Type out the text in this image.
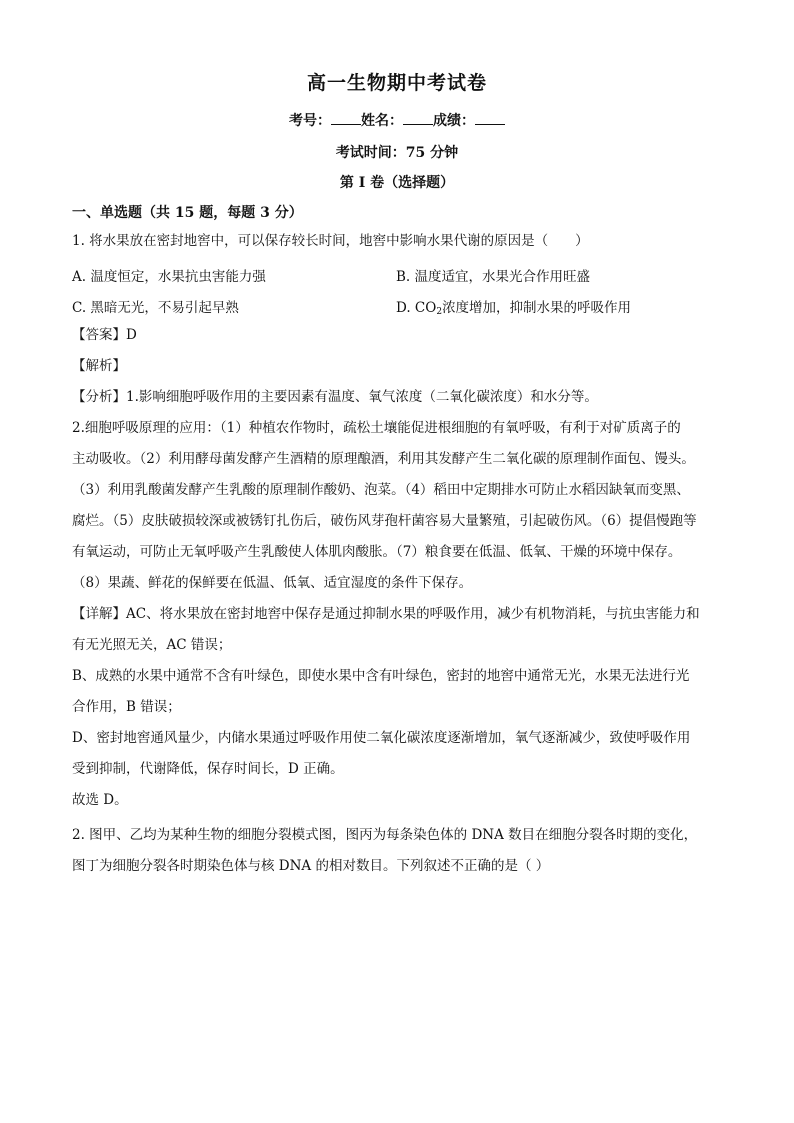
高一生物期中考试卷
考号： 姓名： 成绩：
考试时间：75 分钟
第 I 卷（选择题）
一、单选题（共 15 题，每题 3 分）
1. 将水果放在密封地窖中，可以保存较长时间，地窖中影响水果代谢的原因是（　　）
A. 温度恒定，水果抗虫害能力强	B. 温度适宜，水果光合作用旺盛
C. 黑暗无光，不易引起早熟	D. $CO_2$浓度增加，抑制水果的呼吸作用
【答案】D
【解析】
【分析】1.影响细胞呼吸作用的主要因素有温度、氧气浓度（二氧化碳浓度）和水分等。
2.细胞呼吸原理的应用：（1）种植农作物时，疏松土壤能促进根细胞的有氧呼吸，有利于对矿质离子的
主动吸收。（2）利用酵母菌发酵产生酒精的原理酿酒，利用其发酵产生二氧化碳的原理制作面包、馒头。
（3）利用乳酸菌发酵产生乳酸的原理制作酸奶、泡菜。（4）稻田中定期排水可防止水稻因缺氧而变黑、
腐烂。（5）皮肤破损较深或被锈钉扎伤后，破伤风芽孢杆菌容易大量繁殖，引起破伤风。（6）提倡慢跑等
有氧运动，可防止无氧呼吸产生乳酸使人体肌肉酸胀。（7）粮食要在低温、低氧、干燥的环境中保存。
（8）果蔬、鲜花的保鲜要在低温、低氧、适宜湿度的条件下保存。
【详解】AC、将水果放在密封地窖中保存是通过抑制水果的呼吸作用，减少有机物消耗，与抗虫害能力和
有无光照无关，AC 错误；
B、成熟的水果中通常不含有叶绿色，即使水果中含有叶绿色，密封的地窖中通常无光，水果无法进行光
合作用，B 错误；
D、密封地窖通风量少，内储水果通过呼吸作用使二氧化碳浓度逐渐增加，氧气逐渐减少，致使呼吸作用
受到抑制，代谢降低，保存时间长，D 正确。
故选 D。
2. 图甲、乙均为某种生物的细胞分裂模式图，图丙为每条染色体的 DNA 数目在细胞分裂各时期的变化，
图丁为细胞分裂各时期染色体与核 DNA 的相对数目。下列叙述不正确的是（ ）
